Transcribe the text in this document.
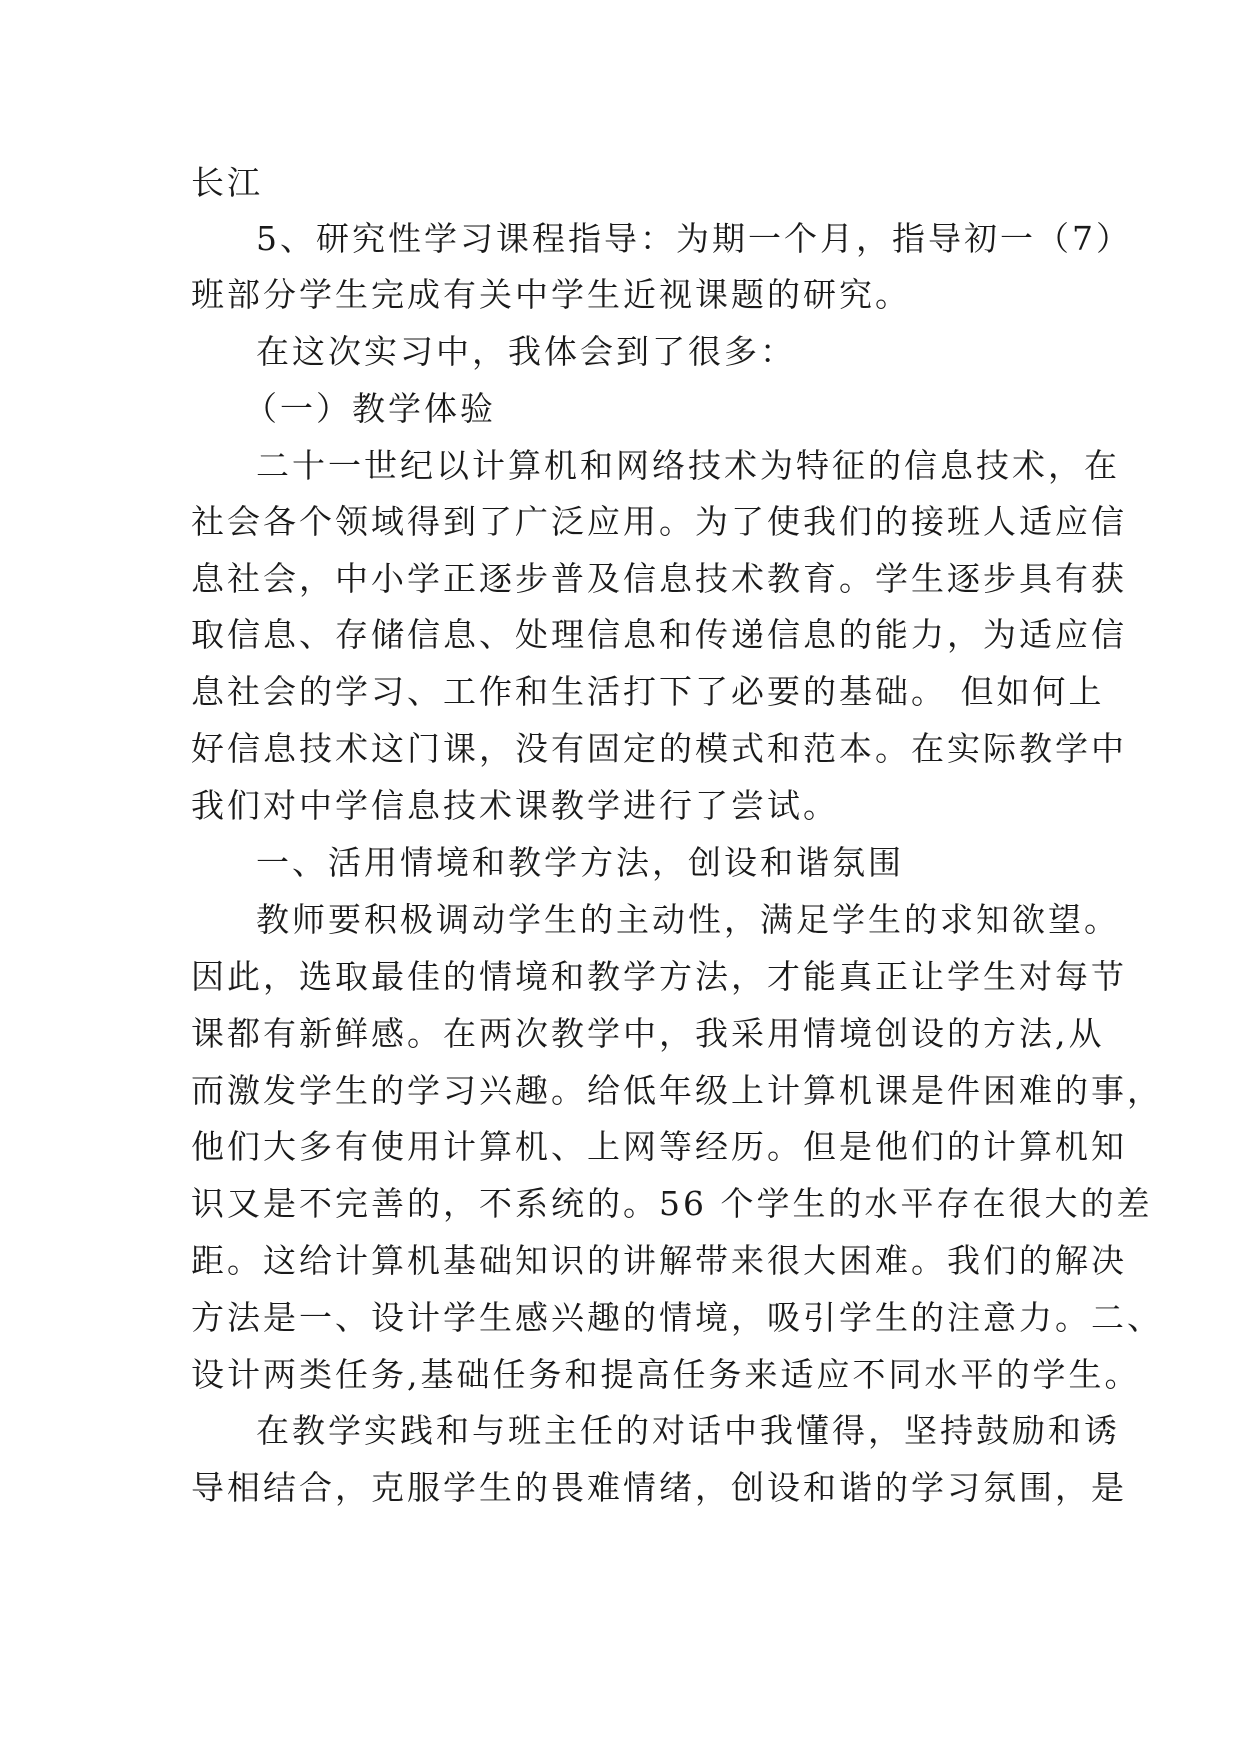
长江
5、研究性学习课程指导：为期一个月，指导初一（7）
班部分学生完成有关中学生近视课题的研究。
在这次实习中，我体会到了很多：
（一）教学体验
二十一世纪以计算机和网络技术为特征的信息技术，在
社会各个领域得到了广泛应用。为了使我们的接班人适应信
息社会，中小学正逐步普及信息技术教育。学生逐步具有获
取信息、存储信息、处理信息和传递信息的能力，为适应信
息社会的学习、工作和生活打下了必要的基础。 但如何上
好信息技术这门课，没有固定的模式和范本。在实际教学中
我们对中学信息技术课教学进行了尝试。
一、活用情境和教学方法，创设和谐氛围
教师要积极调动学生的主动性，满足学生的求知欲望。
因此，选取最佳的情境和教学方法，才能真正让学生对每节
课都有新鲜感。在两次教学中，我采用情境创设的方法,从
而激发学生的学习兴趣。给低年级上计算机课是件困难的事，
他们大多有使用计算机、上网等经历。但是他们的计算机知
识又是不完善的，不系统的。56 个学生的水平存在很大的差
距。这给计算机基础知识的讲解带来很大困难。我们的解决
方法是一、设计学生感兴趣的情境，吸引学生的注意力。二、
设计两类任务,基础任务和提高任务来适应不同水平的学生。
在教学实践和与班主任的对话中我懂得，坚持鼓励和诱
导相结合，克服学生的畏难情绪，创设和谐的学习氛围，是
